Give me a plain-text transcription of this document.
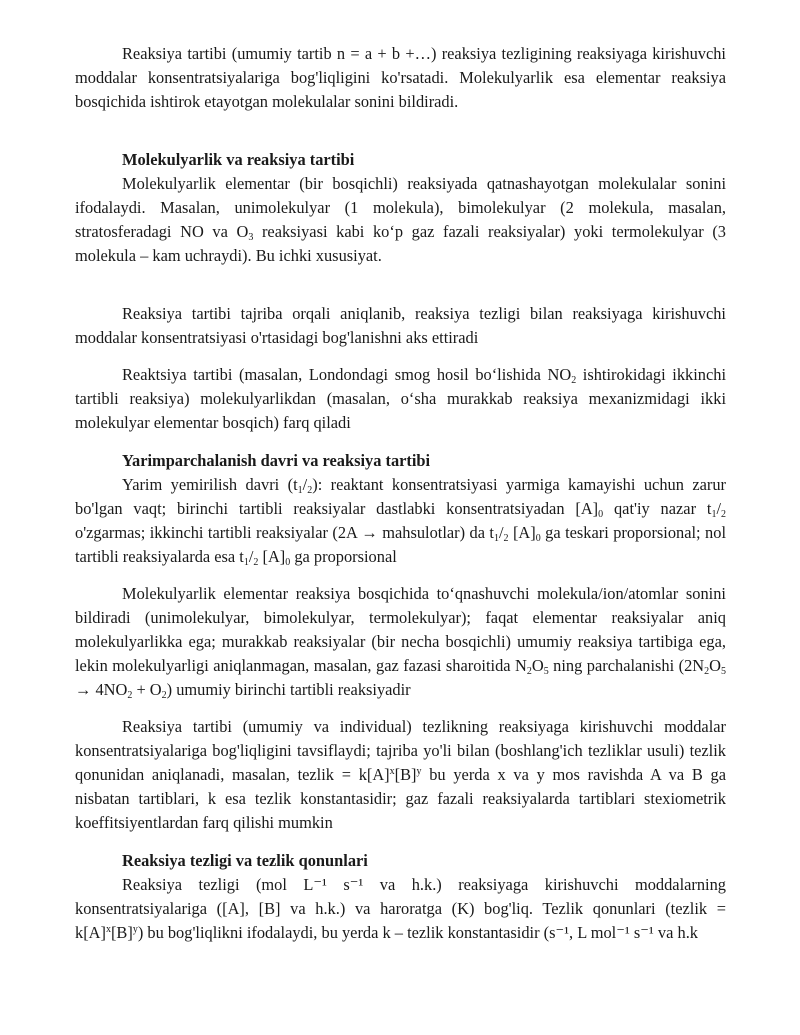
Reaksiya tartibi (umumiy tartib n = a + b +…) reaksiya tezligining reaksiyaga kirishuvchi moddalar konsentratsiyalariga bog'liqligini ko'rsatadi. Molekulyarlik esa elementar reaksiya bosqichida ishtirok etayotgan molekulalar sonini bildiradi.

Molekulyarlik va reaksiya tartibi

Molekulyarlik elementar (bir bosqichli) reaksiyada qatnashayotgan molekulalar sonini ifodalaydi. Masalan, unimolekulyar (1 molekula), bimolekulyar (2 molekula, masalan, stratosferadagi NO va $O_3$ reaksiyasi kabi ko‘p gaz fazali reaksiyalar) yoki termolekulyar (3 molekula – kam uchraydi). Bu ichki xususiyat.

Reaksiya tartibi tajriba orqali aniqlanib, reaksiya tezligi bilan reaksiyaga kirishuvchi moddalar konsentratsiyasi o'rtasidagi bog'lanishni aks ettiradi

Reaktsiya tartibi (masalan, Londondagi smog hosil bo‘lishida $NO_2$ ishtirokidagi ikkinchi tartibli reaksiya) molekulyarlikdan (masalan, o‘sha murakkab reaksiya mexanizmidagi ikki molekulyar elementar bosqich) farq qiladi

Yarimparchalanish davri va reaksiya tartibi

Yarim yemirilish davri $(t_1/_2)$: reaktant konsentratsiyasi yarmiga kamayishi uchun zarur bo'lgan vaqt; birinchi tartibli reaksiyalar dastlabki konsentratsiyadan $[A]_0$ qat'iy nazar $t_1/_2$ o'zgarmas; ikkinchi tartibli reaksiyalar (2A → mahsulotlar) da $t_1/_2$ $[A]_0$ ga teskari proporsional; nol tartibli reaksiyalarda esa $t_1/_2$ $[A]_0$ ga proporsional

Molekulyarlik elementar reaksiya bosqichida to‘qnashuvchi molekula/ion/atomlar sonini bildiradi (unimolekulyar, bimolekulyar, termolekulyar); faqat elementar reaksiyalar aniq molekulyarlikka ega; murakkab reaksiyalar (bir necha bosqichli) umumiy reaksiya tartibiga ega, lekin molekulyarligi aniqlanmagan, masalan, gaz fazasi sharoitida $N_2O_5$ ning parchalanishi $(2N_2O_5 \to 4NO_2 + O_2)$ umumiy birinchi tartibli reaksiyadir

Reaksiya tartibi (umumiy va individual) tezlikning reaksiyaga kirishuvchi moddalar konsentratsiyalariga bog'liqligini tavsiflaydi; tajriba yo'li bilan (boshlang'ich tezliklar usuli) tezlik qonunidan aniqlanadi, masalan, tezlik = $k[A]^x[B]^y$ bu yerda x va y mos ravishda A va B ga nisbatan tartiblari, k esa tezlik konstantasidir; gaz fazali reaksiyalarda tartiblari stexiometrik koeffitsiyentlardan farq qilishi mumkin

Reaksiya tezligi va tezlik qonunlari

Reaksiya tezligi (mol L⁻¹ s⁻¹ va h.k.) reaksiyaga kirishuvchi moddalarning konsentratsiyalariga ([A], [B] va h.k.) va haroratga (K) bog'liq. Tezlik qonunlari (tezlik = $k[A]^x[B]^y$) bu bog'liqlikni ifodalaydi, bu yerda k – tezlik konstantasidir (s⁻¹, L mol⁻¹ s⁻¹ va h.k
